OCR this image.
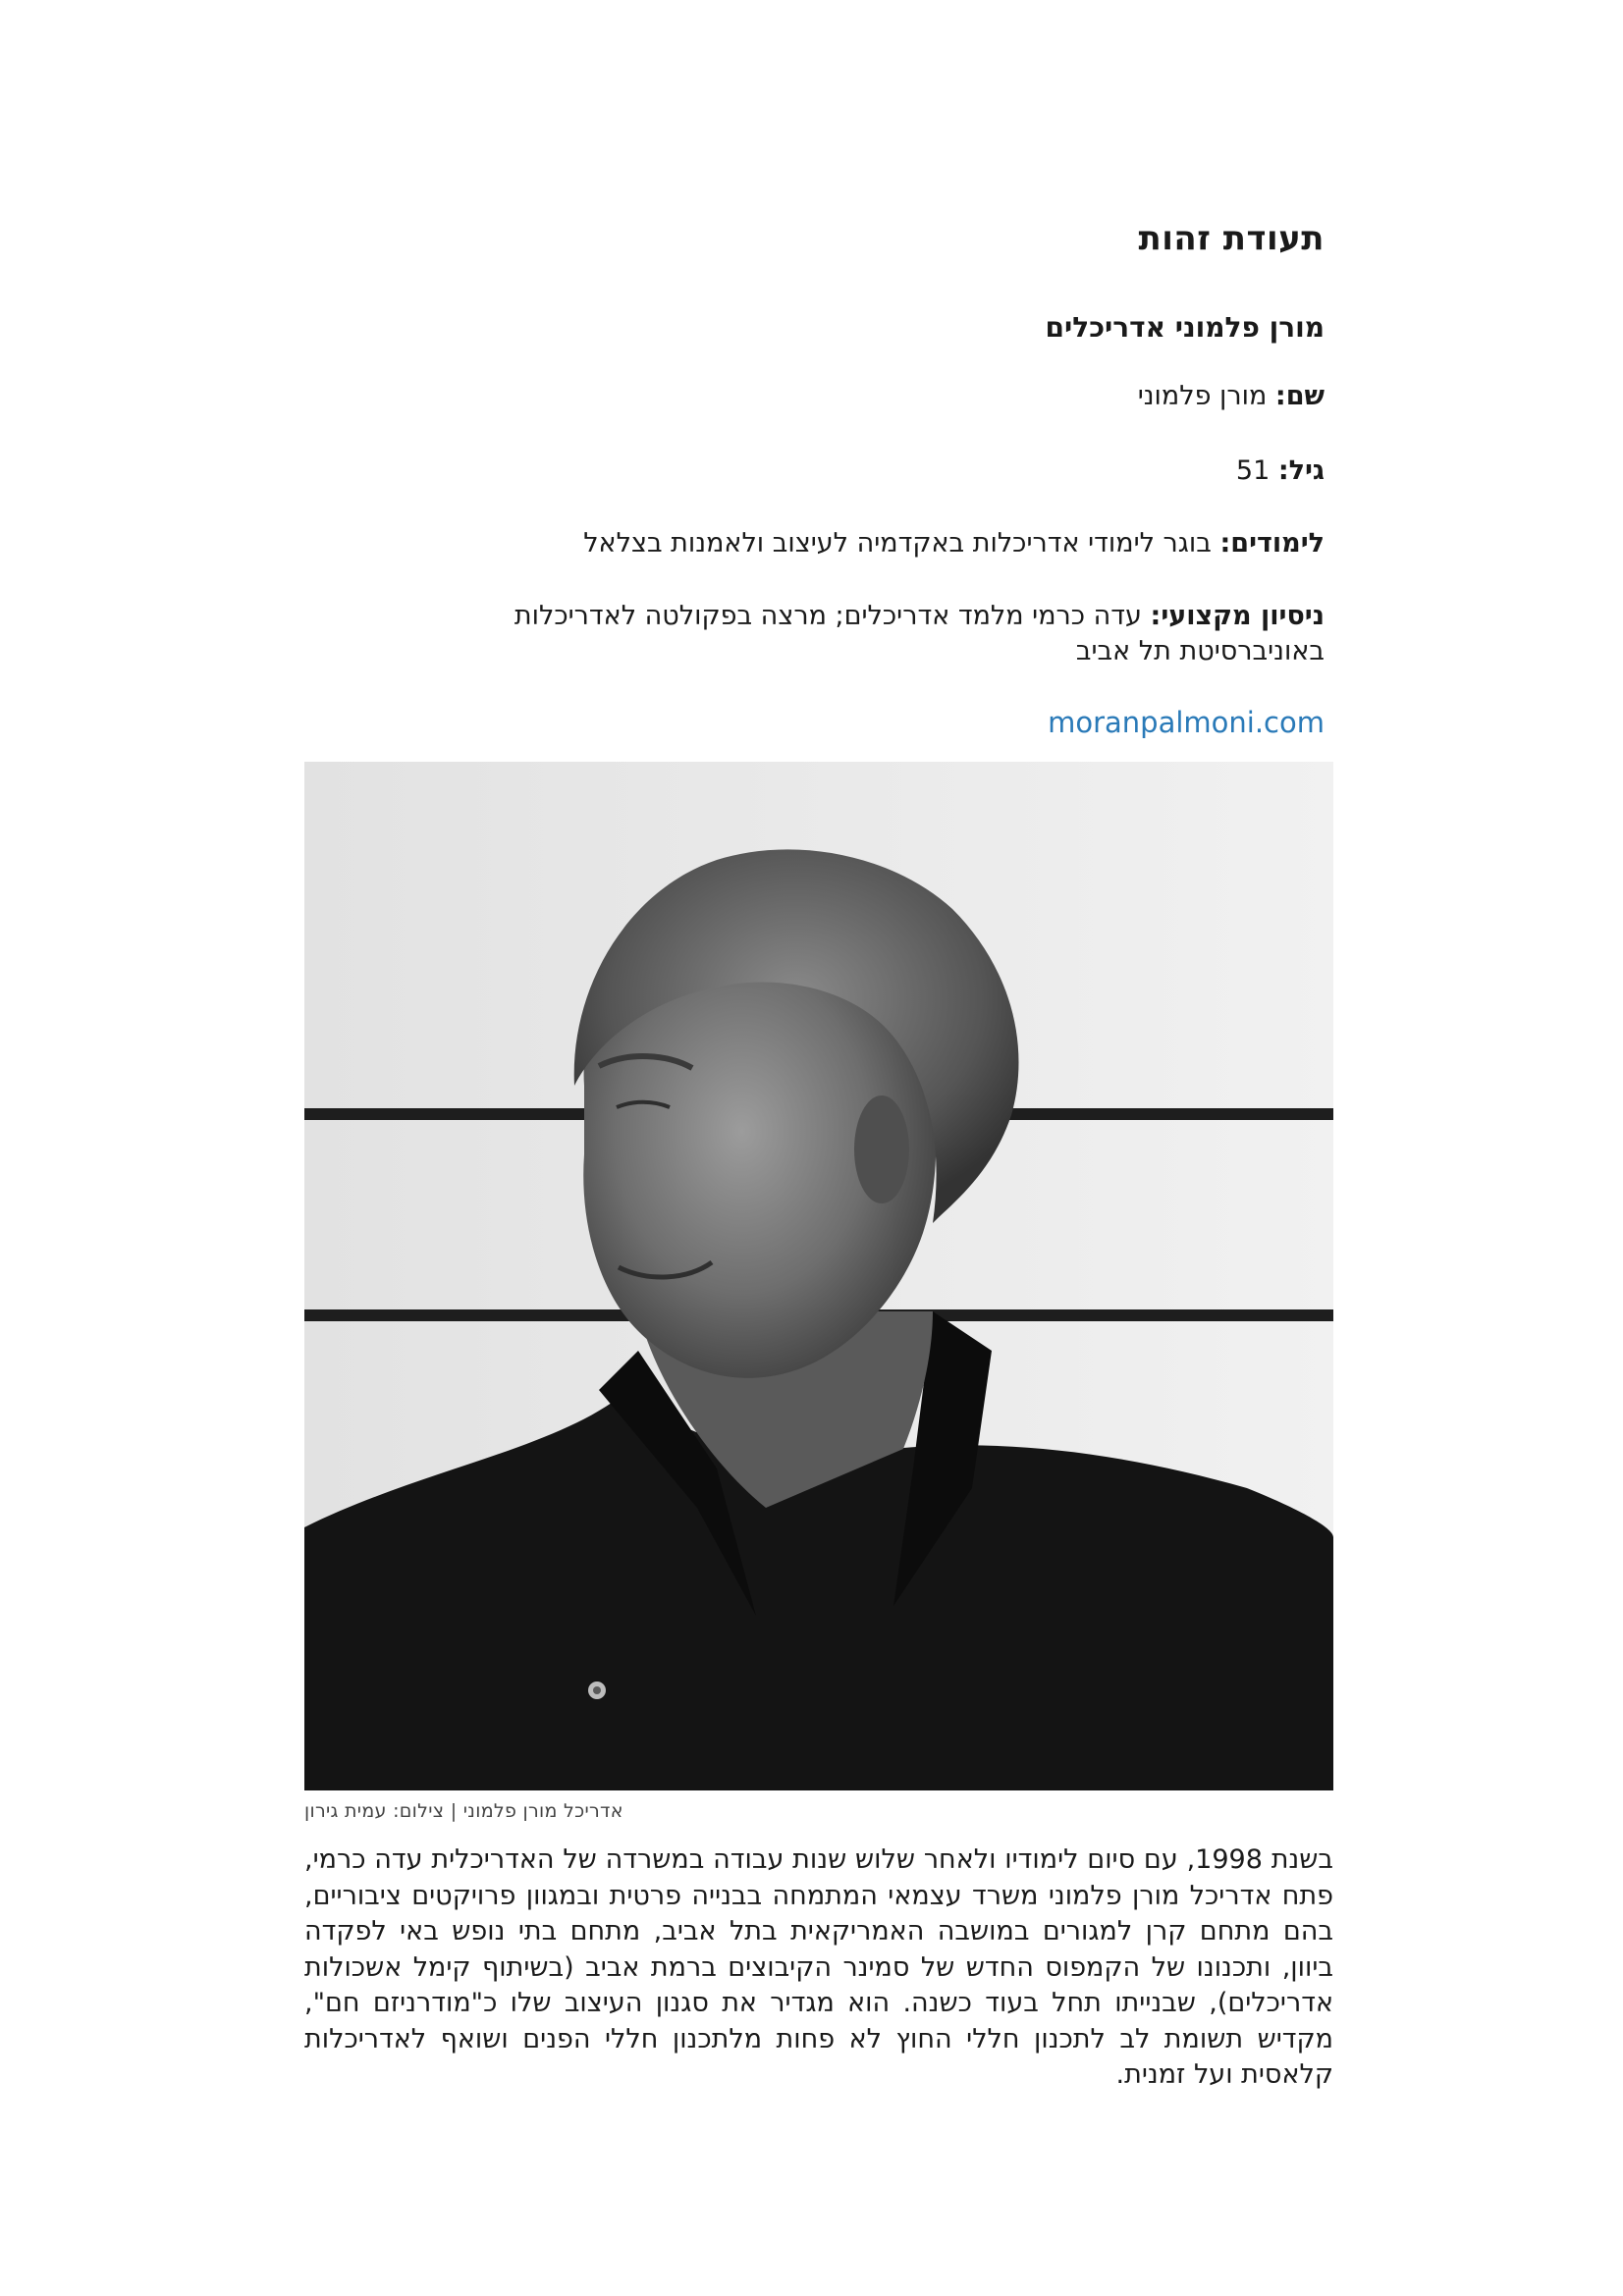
תעודת זהות
מורן פלמוני אדריכלים
שם: מורן פלמוני
גיל: 51
לימודים: בוגר לימודי אדריכלות באקדמיה לעיצוב ולאמנות בצלאל
ניסיון מקצועי: עדה כרמי מלמד אדריכלים; מרצה בפקולטה לאדריכלות באוניברסיטת תל אביב
moranpalmoni.com
אדריכל מורן פלמוני | צילום: עמית גירון
בשנת 1998, עם סיום לימודיו ולאחר שלוש שנות עבודה במשרדה של האדריכלית עדה כרמי, פתח אדריכל מורן פלמוני משרד עצמאי המתמחה בבנייה פרטית ובמגוון פרויקטים ציבוריים, בהם מתחם קרן למגורים במושבה האמריקאית בתל אביב, מתחם בתי נופש באי לפקדה ביוון, ותכנונו של הקמפוס החדש של סמינר הקיבוצים ברמת אביב (בשיתוף קימל אשכולות אדריכלים), שבנייתו תחל בעוד כשנה. הוא מגדיר את סגנון העיצוב שלו כ"מודרניזם חם", מקדיש תשומת לב לתכנון חללי החוץ לא פחות מלתכנון חללי הפנים ושואף לאדריכלות קלאסית ועל זמנית.
